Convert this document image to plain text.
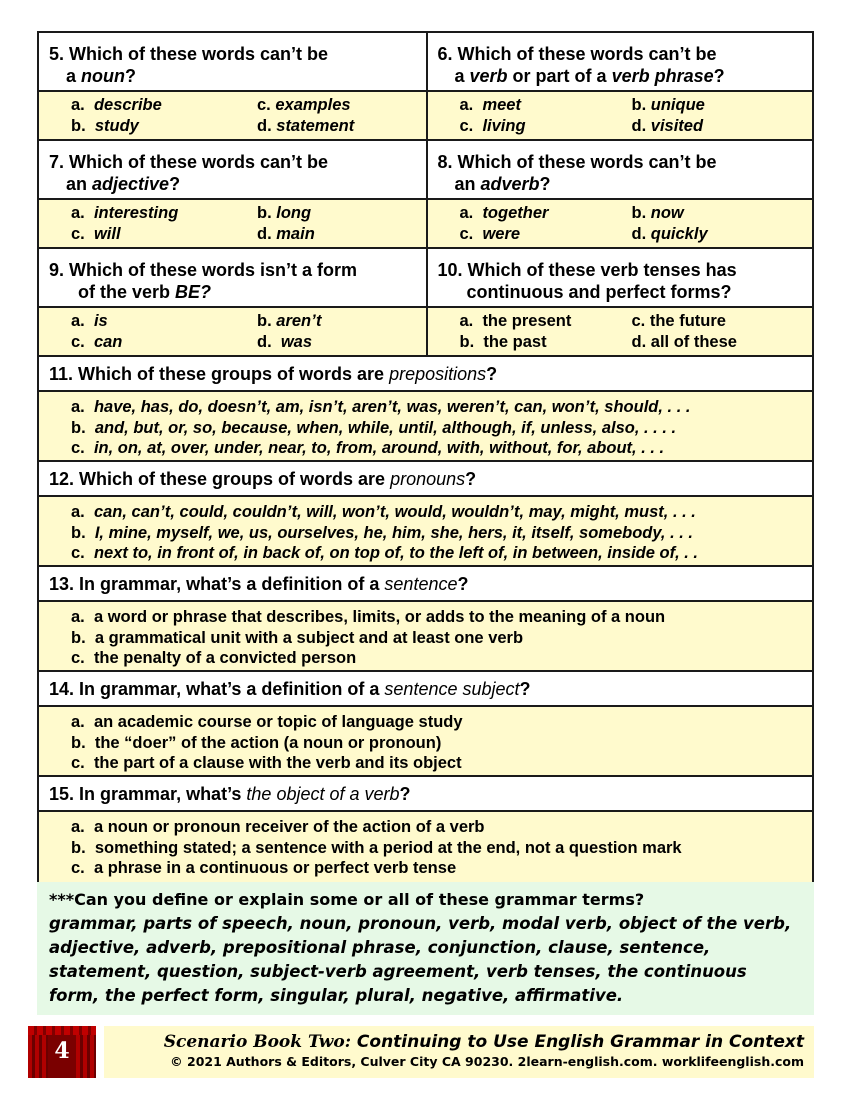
5. Which of these words can’t be
a noun?
a. describe	c. examples
b. study	d. statement
6. Which of these words can’t be
a verb or part of a verb phrase?
a. meet	b. unique
c. living	d. visited
7. Which of these words can’t be
an adjective?
a. interesting	b. long
c. will	d. main
8. Which of these words can’t be
an adverb?
a. together	b. now
c. were	d. quickly
9. Which of these words isn’t a form
of the verb BE?
a. is	b. aren’t
c. can	d. was
10. Which of these verb tenses has
continuous and perfect forms?
a. the present	c. the future
b. the past	d. all of these
11. Which of these groups of words are prepositions?
a. have, has, do, doesn’t, am, isn’t, aren’t, was, weren’t, can, won’t, should, . . .
b. and, but, or, so, because, when, while, until, although, if, unless, also, . . . .
c. in, on, at, over, under, near, to, from, around, with, without, for, about, . . .
12. Which of these groups of words are pronouns?
a. can, can’t, could, couldn’t, will, won’t, would, wouldn’t, may, might, must, . . .
b. I, mine, myself, we, us, ourselves, he, him, she, hers, it, itself, somebody, . . .
c. next to, in front of, in back of, on top of, to the left of, in between, inside of, . .
13. In grammar, what’s a definition of a sentence?
a. a word or phrase that describes, limits, or adds to the meaning of a noun
b. a grammatical unit with a subject and at least one verb
c. the penalty of a convicted person
14. In grammar, what’s a definition of a sentence subject?
a. an academic course or topic of language study
b. the “doer” of the action (a noun or pronoun)
c. the part of a clause with the verb and its object
15. In grammar, what’s the object of a verb?
a. a noun or pronoun receiver of the action of a verb
b. something stated; a sentence with a period at the end, not a question mark
c. a phrase in a continuous or perfect verb tense
***Can you define or explain some or all of these grammar terms?
grammar, parts of speech, noun, pronoun, verb, modal verb, object of the verb, adjective, adverb, prepositional phrase, conjunction, clause, sentence, statement, question, subject-verb agreement, verb tenses, the continuous form, the perfect form, singular, plural, negative, affirmative.
4	Scenario Book Two: Continuing to Use English Grammar in Context
© 2021 Authors & Editors, Culver City CA 90230. 2learn-english.com. worklifeenglish.com
